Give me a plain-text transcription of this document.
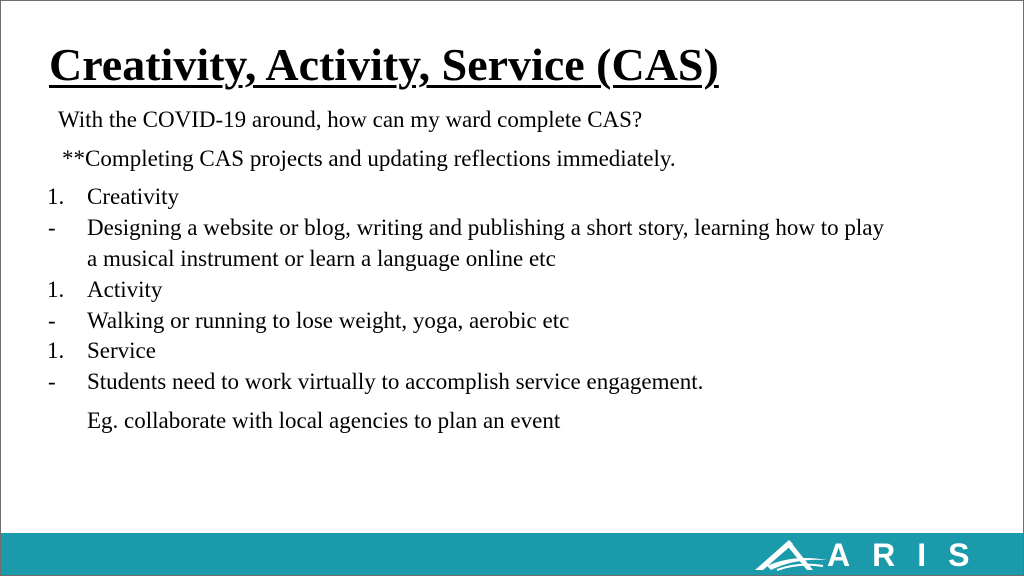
Creativity, Activity, Service (CAS)
With the COVID-19 around, how can my ward complete CAS?
**Completing CAS projects and updating reflections immediately.
1. Creativity
- Designing a website or blog, writing and publishing a short story, learning how to play
a musical instrument or learn a language online etc
1. Activity
- Walking or running to lose weight, yoga, aerobic etc
1. Service
- Students need to work virtually to accomplish service engagement.
Eg. collaborate with local agencies to plan an event
ARIS
